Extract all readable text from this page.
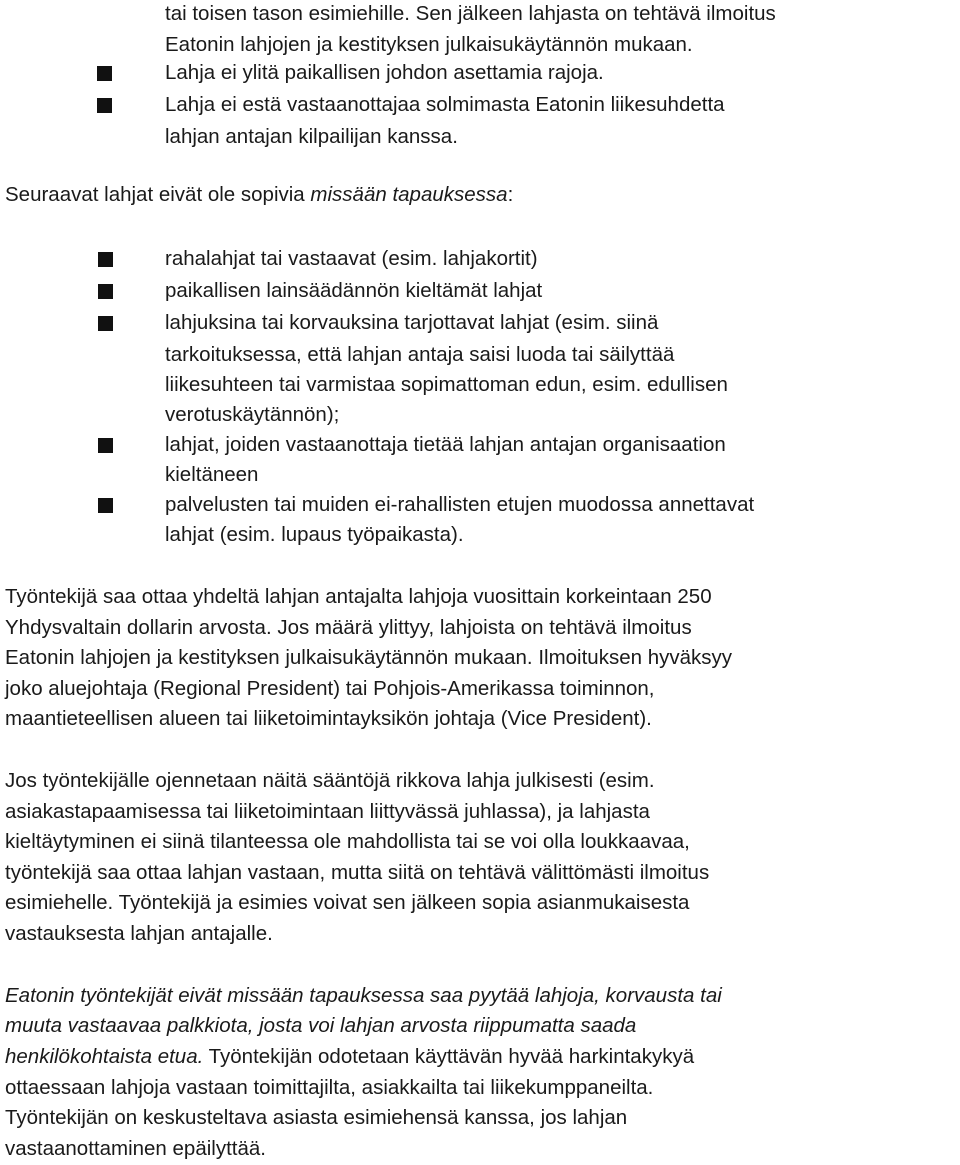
tai toisen tason esimiehille. Sen jälkeen lahjasta on tehtävä ilmoitus
Eatonin lahjojen ja kestityksen julkaisukäytännön mukaan.
Lahja ei ylitä paikallisen johdon asettamia rajoja.
Lahja ei estä vastaanottajaa solmimasta Eatonin liikesuhdetta
lahjan antajan kilpailijan kanssa.
Seuraavat lahjat eivät ole sopivia missään tapauksessa:
rahalahjat tai vastaavat (esim. lahjakortit)
paikallisen lainsäädännön kieltämät lahjat
lahjuksina tai korvauksina tarjottavat lahjat (esim. siinä
tarkoituksessa, että lahjan antaja saisi luoda tai säilyttää
liikesuhteen tai varmistaa sopimattoman edun, esim. edullisen
verotuskäytännön);
lahjat, joiden vastaanottaja tietää lahjan antajan organisaation
kieltäneen
palvelusten tai muiden ei-rahallisten etujen muodossa annettavat
lahjat (esim. lupaus työpaikasta).
Työntekijä saa ottaa yhdeltä lahjan antajalta lahjoja vuosittain korkeintaan 250
Yhdysvaltain dollarin arvosta. Jos määrä ylittyy, lahjoista on tehtävä ilmoitus
Eatonin lahjojen ja kestityksen julkaisukäytännön mukaan. Ilmoituksen hyväksyy
joko aluejohtaja (Regional President) tai Pohjois-Amerikassa toiminnon,
maantieteellisen alueen tai liiketoimintayksikön johtaja (Vice President).
Jos työntekijälle ojennetaan näitä sääntöjä rikkova lahja julkisesti (esim.
asiakastapaamisessa tai liiketoimintaan liittyvässä juhlassa), ja lahjasta
kieltäytyminen ei siinä tilanteessa ole mahdollista tai se voi olla loukkaavaa,
työntekijä saa ottaa lahjan vastaan, mutta siitä on tehtävä välittömästi ilmoitus
esimiehelle. Työntekijä ja esimies voivat sen jälkeen sopia asianmukaisesta
vastauksesta lahjan antajalle.
Eatonin työntekijät eivät missään tapauksessa saa pyytää lahjoja, korvausta tai
muuta vastaavaa palkkiota, josta voi lahjan arvosta riippumatta saada
henkilökohtaista etua. Työntekijän odotetaan käyttävän hyvää harkintakykyä
ottaessaan lahjoja vastaan toimittajilta, asiakkailta tai liikekumppaneilta.
Työntekijän on keskusteltava asiasta esimiehensä kanssa, jos lahjan
vastaanottaminen epäilyttää.
